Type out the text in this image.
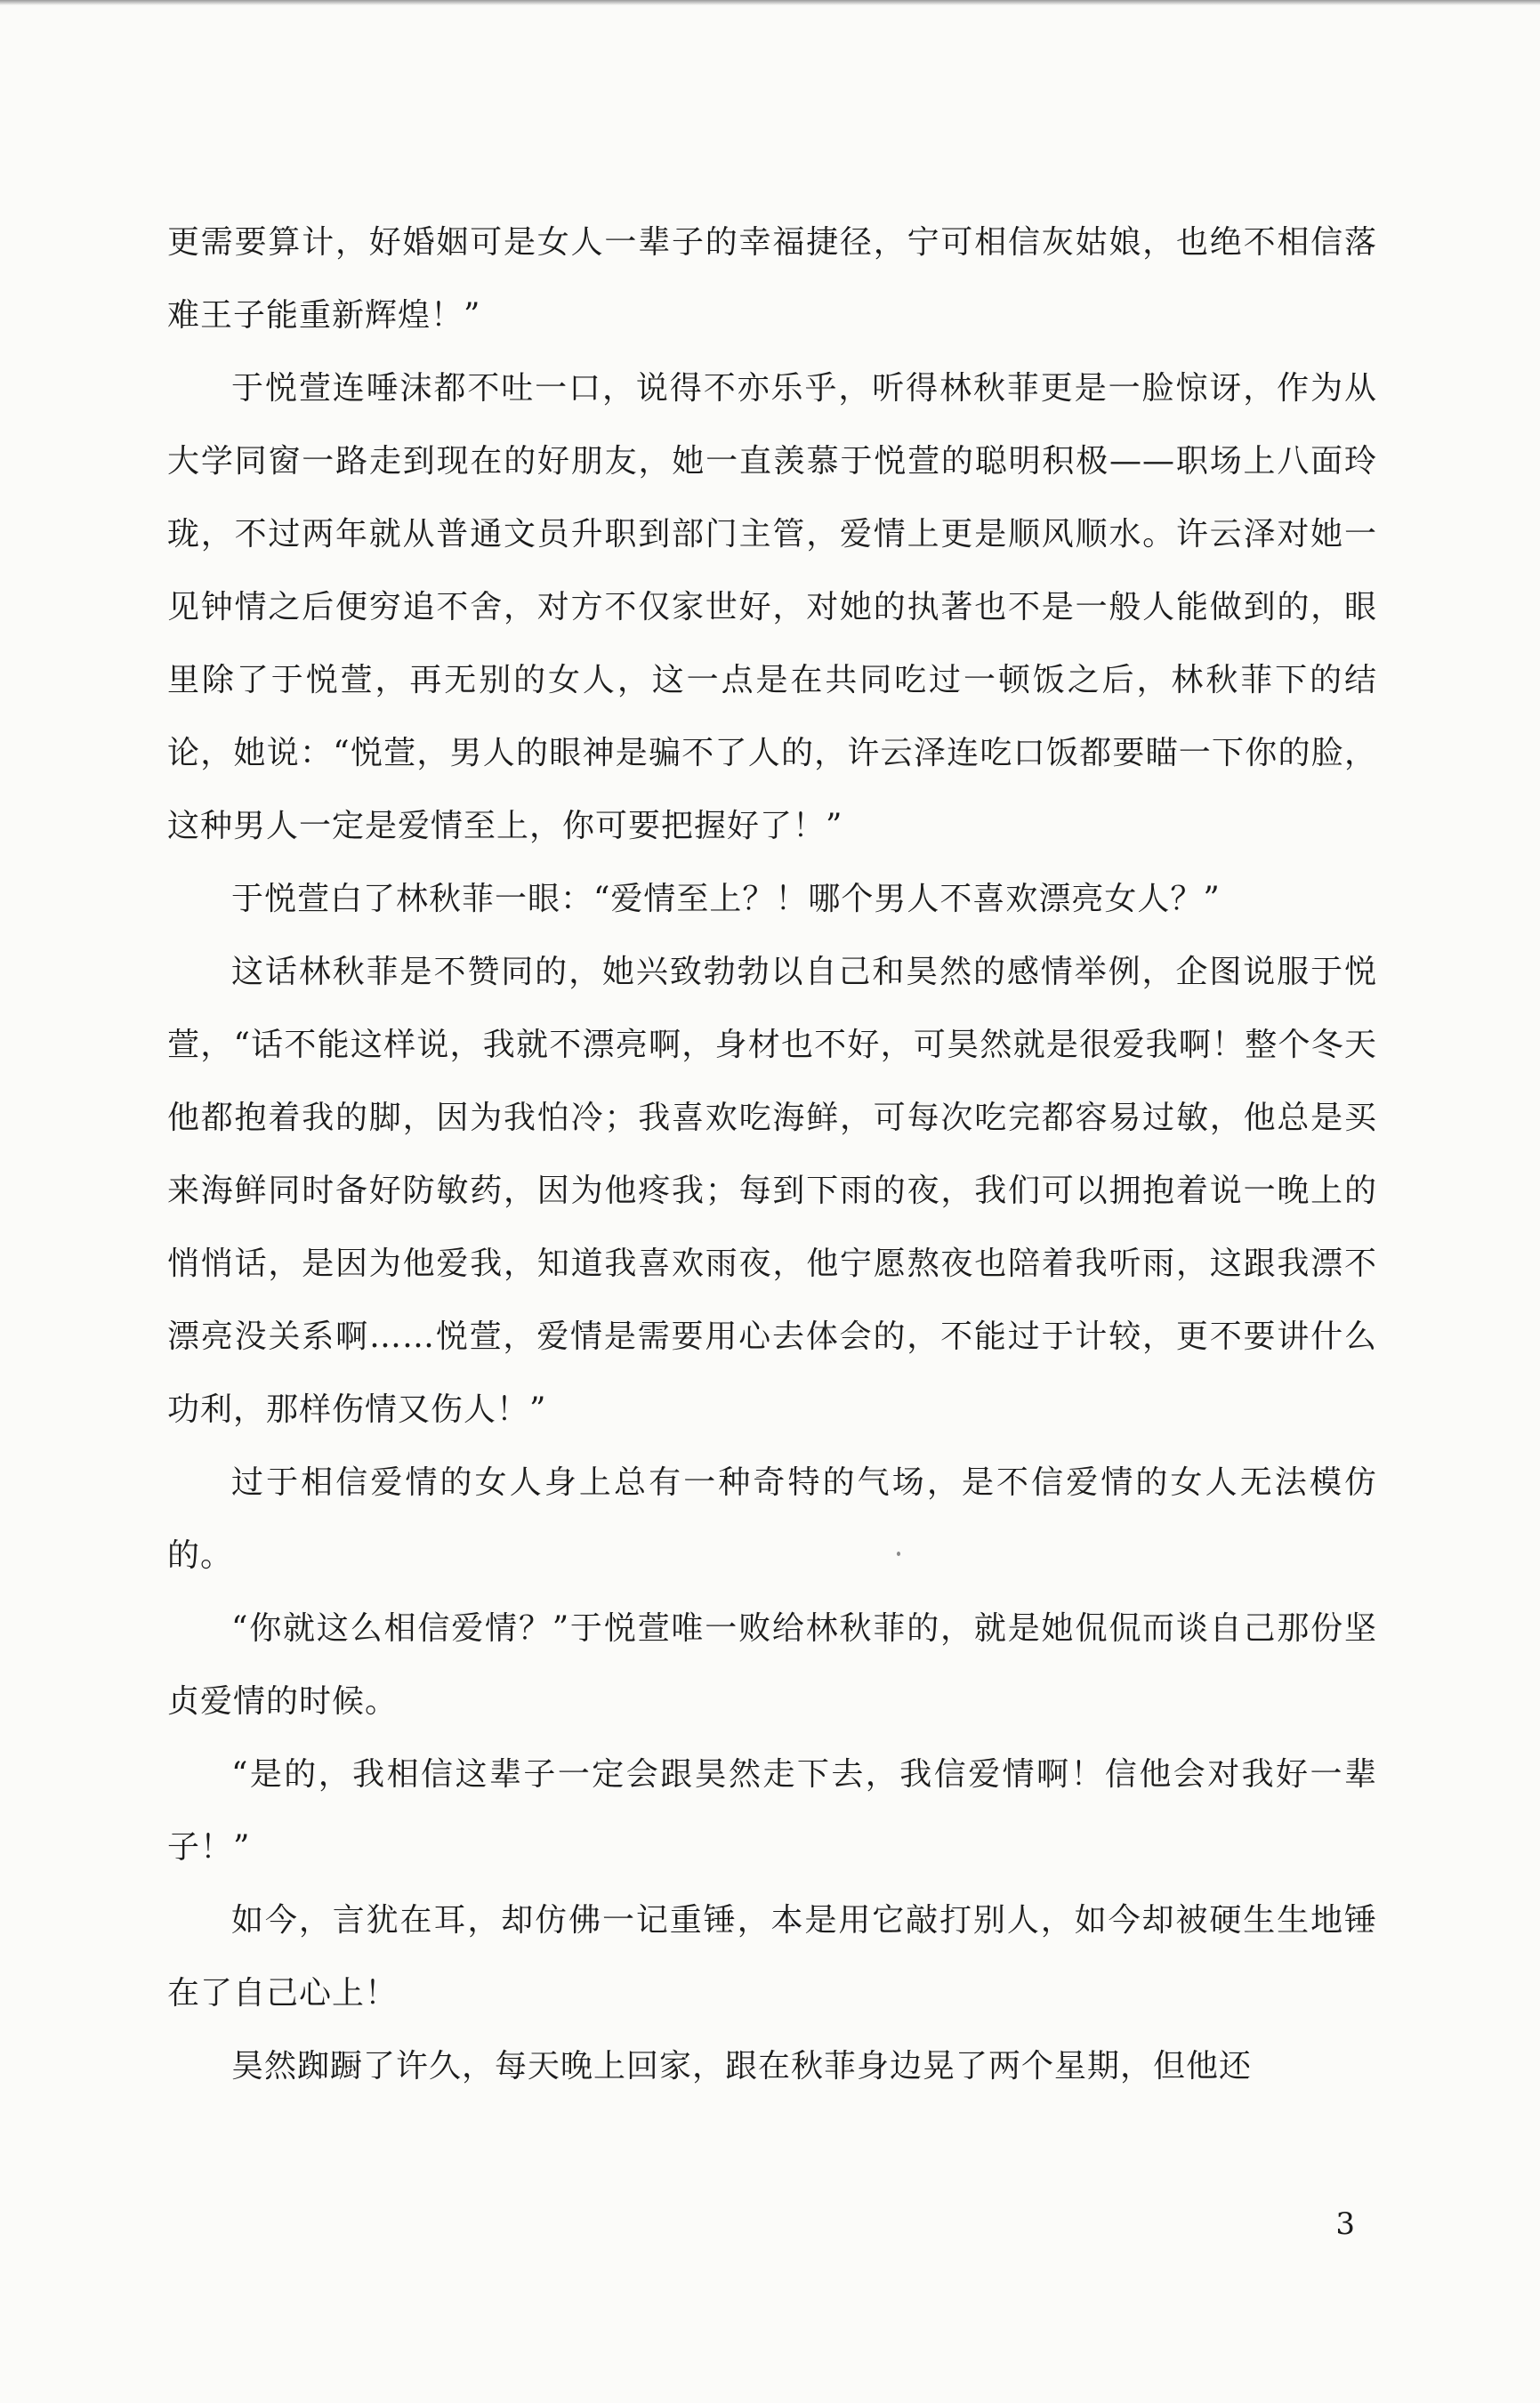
更需要算计，好婚姻可是女人一辈子的幸福捷径，宁可相信灰姑娘，也绝不相信落难王子能重新辉煌！”

于悦萱连唾沫都不吐一口，说得不亦乐乎，听得林秋菲更是一脸惊讶，作为从大学同窗一路走到现在的好朋友，她一直羡慕于悦萱的聪明积极——职场上八面玲珑，不过两年就从普通文员升职到部门主管，爱情上更是顺风顺水。许云泽对她一见钟情之后便穷追不舍，对方不仅家世好，对她的执著也不是一般人能做到的，眼里除了于悦萱，再无别的女人，这一点是在共同吃过一顿饭之后，林秋菲下的结论，她说：“悦萱，男人的眼神是骗不了人的，许云泽连吃口饭都要瞄一下你的脸，这种男人一定是爱情至上，你可要把握好了！”

于悦萱白了林秋菲一眼：“爱情至上？！哪个男人不喜欢漂亮女人？”

这话林秋菲是不赞同的，她兴致勃勃以自己和昊然的感情举例，企图说服于悦萱，“话不能这样说，我就不漂亮啊，身材也不好，可昊然就是很爱我啊！整个冬天他都抱着我的脚，因为我怕冷；我喜欢吃海鲜，可每次吃完都容易过敏，他总是买来海鲜同时备好防敏药，因为他疼我；每到下雨的夜，我们可以拥抱着说一晚上的悄悄话，是因为他爱我，知道我喜欢雨夜，他宁愿熬夜也陪着我听雨，这跟我漂不漂亮没关系啊……悦萱，爱情是需要用心去体会的，不能过于计较，更不要讲什么功利，那样伤情又伤人！”

过于相信爱情的女人身上总有一种奇特的气场，是不信爱情的女人无法模仿的。

“你就这么相信爱情？”于悦萱唯一败给林秋菲的，就是她侃侃而谈自己那份坚贞爱情的时候。

“是的，我相信这辈子一定会跟昊然走下去，我信爱情啊！信他会对我好一辈子！”

如今，言犹在耳，却仿佛一记重锤，本是用它敲打别人，如今却被硬生生地锤在了自己心上！

昊然踟蹰了许久，每天晚上回家，跟在秋菲身边晃了两个星期，但他还

3
